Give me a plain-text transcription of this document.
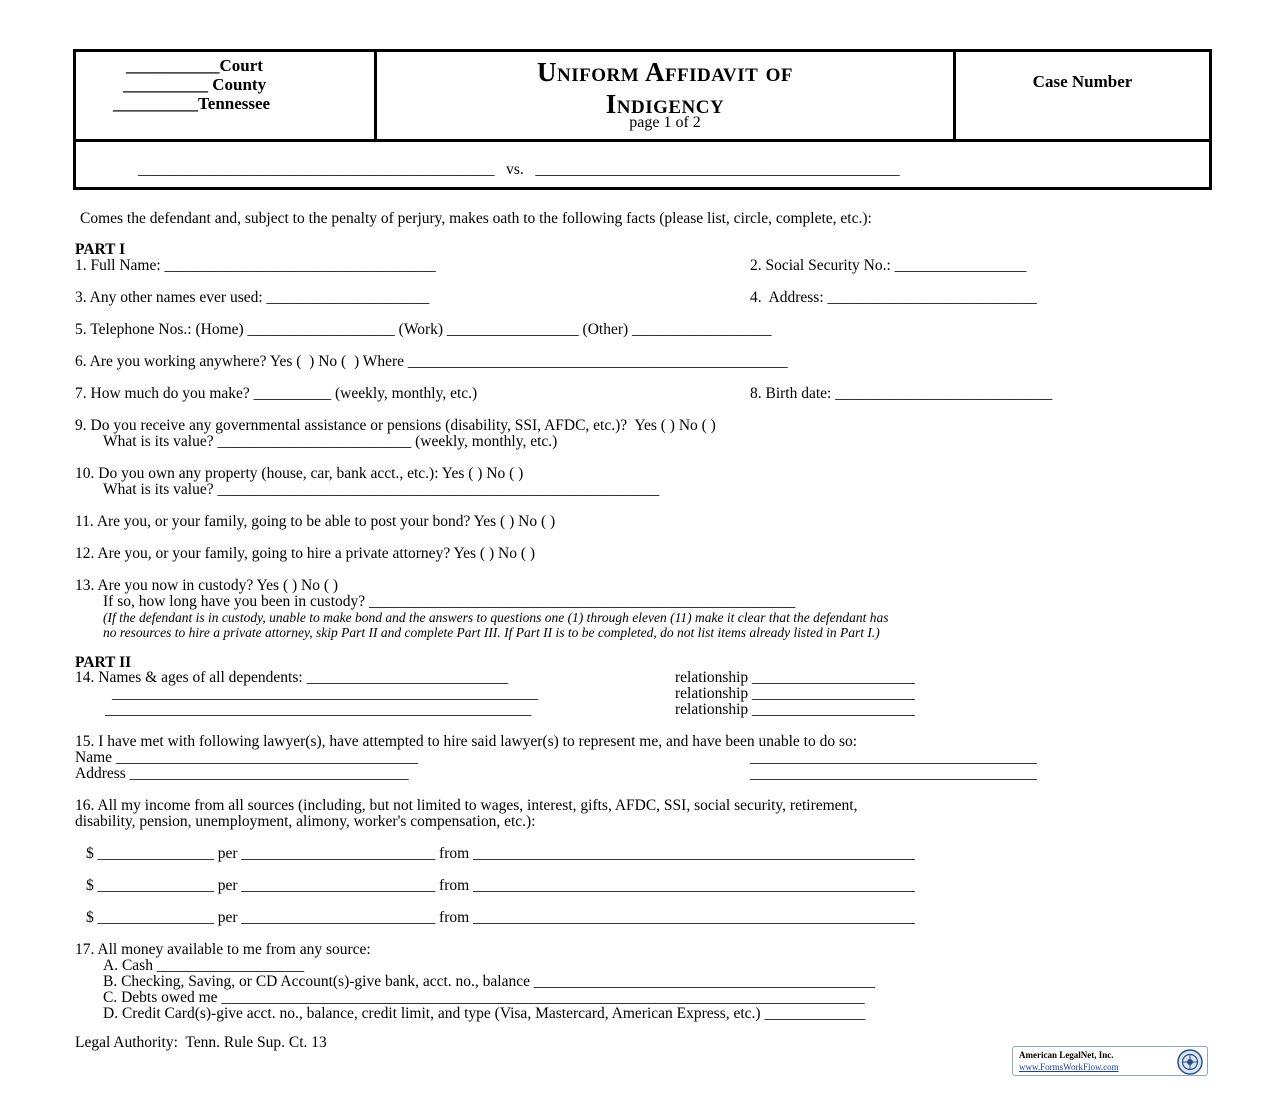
___________Court
__________ County
__________Tennessee
Uniform Affidavit of
Indigency
page 1 of 2
Case Number
______________________________________________   vs.   _______________________________________________
Comes the defendant and, subject to the penalty of perjury, makes oath to the following facts (please list, circle, complete, etc.):
PART I
1. Full Name: ___________________________________	2. Social Security No.: _________________
3. Any other names ever used: _____________________	4.  Address: ___________________________
5. Telephone Nos.: (Home) ___________________ (Work) _________________ (Other) __________________
6. Are you working anywhere? Yes (  ) No (  ) Where _________________________________________________
7. How much do you make? __________ (weekly, monthly, etc.)	8. Birth date: ____________________________
9. Do you receive any governmental assistance or pensions (disability, SSI, AFDC, etc.)?  Yes ( ) No ( )
What is its value? _________________________ (weekly, monthly, etc.)
10. Do you own any property (house, car, bank acct., etc.): Yes ( ) No ( )
What is its value? _________________________________________________________
11. Are you, or your family, going to be able to post your bond? Yes ( ) No ( )
12. Are you, or your family, going to hire a private attorney? Yes ( ) No ( )
13. Are you now in custody? Yes ( ) No ( )
If so, how long have you been in custody? _______________________________________________________
(If the defendant is in custody, unable to make bond and the answers to questions one (1) through eleven (11) make it clear that the defendant has
no resources to hire a private attorney, skip Part II and complete Part III. If Part II is to be completed, do not list items already listed in Part I.)
PART II
14. Names & ages of all dependents: __________________________
_______________________________________________________
_______________________________________________________
relationship _____________________
relationship _____________________
relationship _____________________
15. I have met with following lawyer(s), have attempted to hire said lawyer(s) to represent me, and have been unable to do so:
Name _______________________________________	_____________________________________
Address ____________________________________	_____________________________________
16. All my income from all sources (including, but not limited to wages, interest, gifts, AFDC, SSI, social security, retirement,
disability, pension, unemployment, alimony, worker's compensation, etc.):
$ _______________ per _________________________ from _________________________________________________________
$ _______________ per _________________________ from _________________________________________________________
$ _______________ per _________________________ from _________________________________________________________
17. All money available to me from any source:
A. Cash ___________________
B. Checking, Saving, or CD Account(s)-give bank, acct. no., balance ____________________________________________
C. Debts owed me ___________________________________________________________________________________
D. Credit Card(s)-give acct. no., balance, credit limit, and type (Visa, Mastercard, American Express, etc.) _____________
Legal Authority:  Tenn. Rule Sup. Ct. 13
American LegalNet, Inc.
www.FormsWorkFlow.com
